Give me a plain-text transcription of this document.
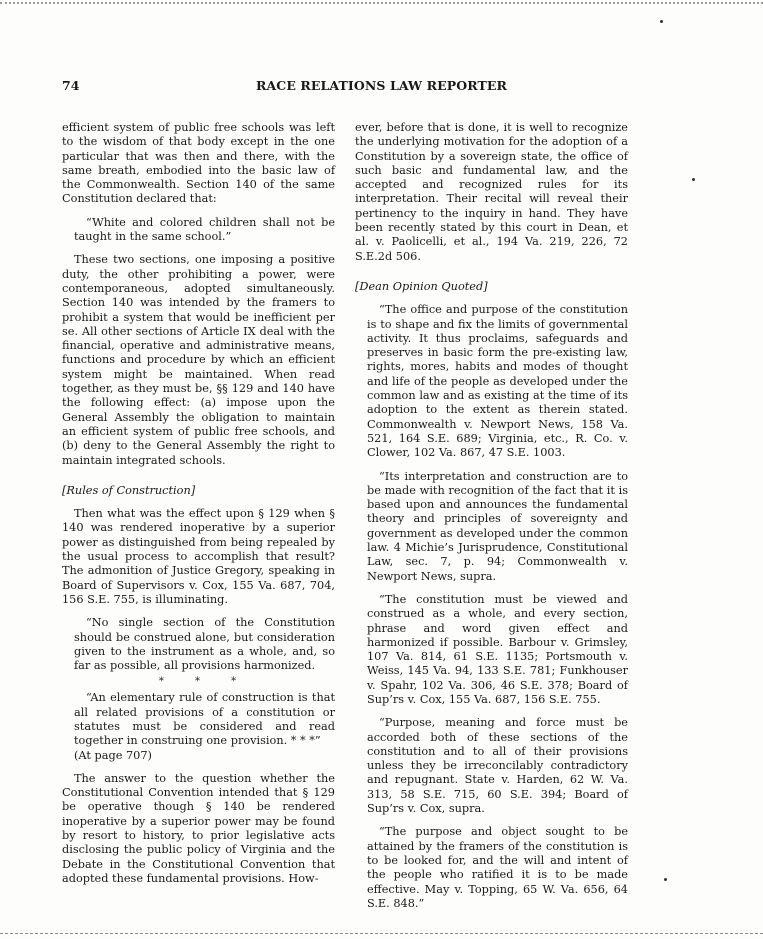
74	RACE RELATIONS LAW REPORTER

efficient system of public free schools was left to the wisdom of that body except in the one particular that was then and there, with the same breath, embodied into the basic law of the Commonwealth. Section 140 of the same Constitution declared that:

“White and colored children shall not be taught in the same school.”

These two sections, one imposing a positive duty, the other prohibiting a power, were contemporaneous, adopted simultaneously. Section 140 was intended by the framers to prohibit a system that would be inefficient per se. All other sections of Article IX deal with the financial, operative and administrative means, functions and procedure by which an efficient system might be maintained. When read together, as they must be, §§ 129 and 140 have the following effect: (a) impose upon the General Assembly the obligation to maintain an efficient system of public free schools, and (b) deny to the General Assembly the right to maintain integrated schools.

[Rules of Construction]

Then what was the effect upon § 129 when § 140 was rendered inoperative by a superior power as distinguished from being repealed by the usual process to accomplish that result? The admonition of Justice Gregory, speaking in Board of Supervisors v. Cox, 155 Va. 687, 704, 156 S.E. 755, is illuminating.

“No single section of the Constitution should be construed alone, but consideration given to the instrument as a whole, and, so far as possible, all provisions harmonized.

* * *

“An elementary rule of construction is that all related provisions of a constitution or statutes must be considered and read together in construing one provision. * * *”

(At page 707)

The answer to the question whether the Constitutional Convention intended that § 129 be operative though § 140 be rendered inoperative by a superior power may be found by resort to history, to prior legislative acts disclosing the public policy of Virginia and the Debate in the Constitutional Convention that adopted these fundamental provisions. How-

ever, before that is done, it is well to recognize the underlying motivation for the adoption of a Constitution by a sovereign state, the office of such basic and fundamental law, and the accepted and recognized rules for its interpretation. Their recital will reveal their pertinency to the inquiry in hand. They have been recently stated by this court in Dean, et al. v. Paolicelli, et al., 194 Va. 219, 226, 72 S.E.2d 506.

[Dean Opinion Quoted]

“The office and purpose of the constitution is to shape and fix the limits of governmental activity. It thus proclaims, safeguards and preserves in basic form the pre-existing law, rights, mores, habits and modes of thought and life of the people as developed under the common law and as existing at the time of its adoption to the extent as therein stated. Commonwealth v. Newport News, 158 Va. 521, 164 S.E. 689; Virginia, etc., R. Co. v. Clower, 102 Va. 867, 47 S.E. 1003.

“Its interpretation and construction are to be made with recognition of the fact that it is based upon and announces the fundamental theory and principles of sovereignty and government as developed under the common law. 4 Michie’s Jurisprudence, Constitutional Law, sec. 7, p. 94; Commonwealth v. Newport News, supra.

“The constitution must be viewed and construed as a whole, and every section, phrase and word given effect and harmonized if possible. Barbour v. Grimsley, 107 Va. 814, 61 S.E. 1135; Portsmouth v. Weiss, 145 Va. 94, 133 S.E. 781; Funkhouser v. Spahr, 102 Va. 306, 46 S.E. 378; Board of Sup’rs v. Cox, 155 Va. 687, 156 S.E. 755.

“Purpose, meaning and force must be accorded both of these sections of the constitution and to all of their provisions unless they be irreconcilably contradictory and repugnant. State v. Harden, 62 W. Va. 313, 58 S.E. 715, 60 S.E. 394; Board of Sup’rs v. Cox, supra.

“The purpose and object sought to be attained by the framers of the constitution is to be looked for, and the will and intent of the people who ratified it is to be made effective. May v. Topping, 65 W. Va. 656, 64 S.E. 848.”
